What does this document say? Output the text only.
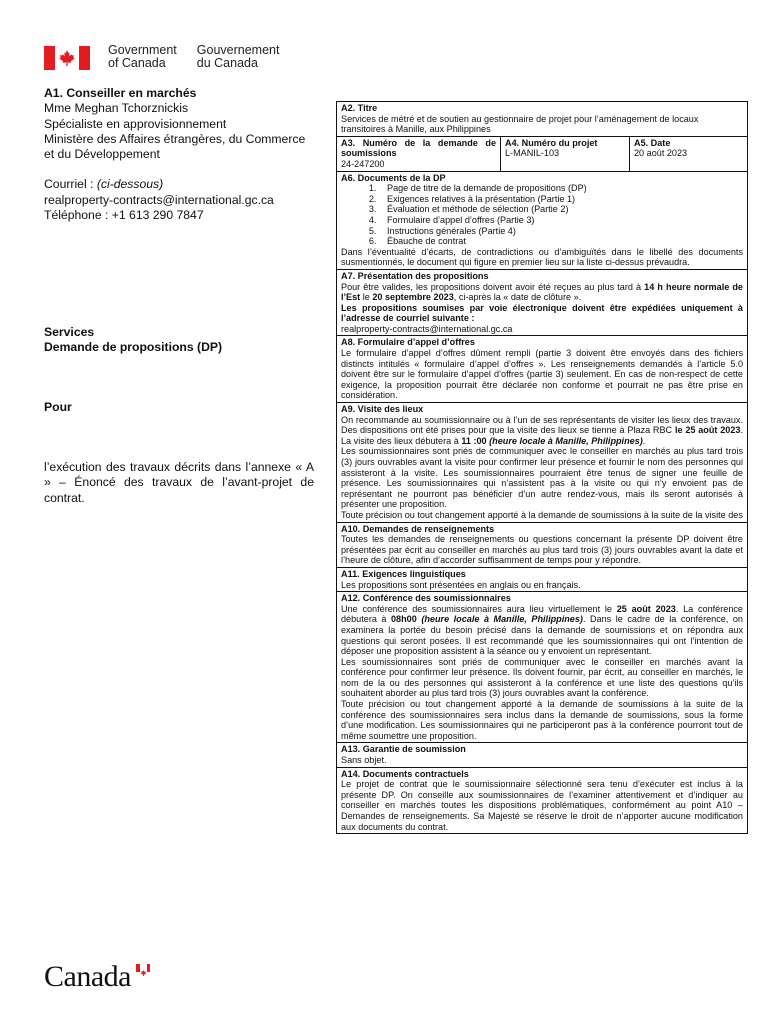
Government
of Canada
Gouvernement
du Canada
A1. Conseiller en marchés
Mme Meghan Tchorznickis
Spécialiste en approvisionnement
Ministère des Affaires étrangères, du Commerce
et du Développement
Courriel : (ci-dessous)
realproperty-contracts@international.gc.ca
Téléphone : +1 613 290 7847
Services
Demande de propositions (DP)
Pour
l’exécution des travaux décrits dans l’annexe « A » – Énoncé des travaux de l’avant-projet de contrat.
A2. Titre

Services de métré et de soutien au gestionnaire de projet pour l’aménagement de locaux transitoires à Manille, aux Philippines

A3. Numéro de la demande de soumissions
24-247200
A4. Numéro du projet
L-MANIL-103
A5. Date
20 août 2023
A6. Documents de la DP
1. Page de titre de la demande de propositions (DP)
2. Exigences relatives à la présentation (Partie 1)
3. Évaluation et méthode de sélection (Partie 2)
4. Formulaire d’appel d’offres (Partie 3)
5. Instructions générales (Partie 4)
6. Ébauche de contrat

Dans l’éventualité d’écarts, de contradictions ou d’ambiguïtés dans le libellé des documents susmentionnés, le document qui figure en premier lieu sur la liste ci-dessus prévaudra.

A7. Présentation des propositions

Pour être valides, les propositions doivent avoir été reçues au plus tard à 14 h heure normale de l’Est le 20 septembre 2023, ci-après la « date de clôture ».

Les propositions soumises par voie électronique doivent être expédiées uniquement à l’adresse de courriel suivante :

realproperty-contracts@international.gc.ca

A8. Formulaire d’appel d’offres

Le formulaire d’appel d’offres dûment rempli (partie 3 doivent être envoyés dans des fichiers distincts intitulés « formulaire d’appel d’offres ». Les renseignements demandés à l’article 5.0 doivent être sur le formulaire d’appel d’offres (partie 3) seulement. En cas de non-respect de cette exigence, la proposition pourrait être déclarée non conforme et pourrait ne pas être prise en considération.

A9. Visite des lieux

On recommande au soumissionnaire ou à l’un de ses représentants de visiter les lieux des travaux. Des dispositions ont été prises pour que la visite des lieux se tienne à Plaza RBC le 25 août 2023. La visite des lieux débutera à 11 :00 (heure locale à Manille, Philippines).

Les soumissionnaires sont priés de communiquer avec le conseiller en marchés au plus tard trois (3) jours ouvrables avant la visite pour confirmer leur présence et fournir le nom des personnes qui assisteront à la visite. Les soumissionnaires pourraient être tenus de signer une feuille de présence. Les soumissionnaires qui n’assistent pas à la visite ou qui n’y envoient pas de représentant ne pourront pas bénéficier d’un autre rendez-vous, mais ils seront autorisés à présenter une proposition.

Toute précision ou tout changement apporté à la demande de soumissions à la suite de la visite des

A10. Demandes de renseignements

Toutes les demandes de renseignements ou questions concernant la présente DP doivent être présentées par écrit au conseiller en marchés au plus tard trois (3) jours ouvrables avant la date et l’heure de clôture, afin d’accorder suffisamment de temps pour y répondre.

A11. Exigences linguistiques

Les propositions sont présentées en anglais ou en français.

A12. Conférence des soumissionnaires

Une conférence des soumissionnaires aura lieu virtuellement le 25 août 2023. La conférence débutera à 08h00 (heure locale à Manille, Philippines). Dans le cadre de la conférence, on examinera la portée du besoin précisé dans la demande de soumissions et on répondra aux questions qui seront posées. Il est recommandé que les soumissionnaires qui ont l’intention de déposer une proposition assistent à la séance ou y envoient un représentant.

Les soumissionnaires sont priés de communiquer avec le conseiller en marchés avant la conférence pour confirmer leur présence. Ils doivent fournir, par écrit, au conseiller en marchés, le nom de la ou des personnes qui assisteront à la conférence et une liste des questions qu’ils souhaitent aborder au plus tard trois (3) jours ouvrables avant la conférence.

Toute précision ou tout changement apporté à la demande de soumissions à la suite de la conférence des soumissionnaires sera inclus dans la demande de soumissions, sous la forme d’une modification. Les soumissionnaires qui ne participeront pas à la conférence pourront tout de même soumettre une proposition.

A13. Garantie de soumission

Sans objet.

A14. Documents contractuels

Le projet de contrat que le soumissionnaire sélectionné sera tenu d’exécuter est inclus à la présente DP. On conseille aux soumissionnaires de l’examiner attentivement et d’indiquer au conseiller en marchés toutes les dispositions problématiques, conformément au point A10 – Demandes de renseignements. Sa Majesté se réserve le droit de n’apporter aucune modification aux documents du contrat.

Canada
